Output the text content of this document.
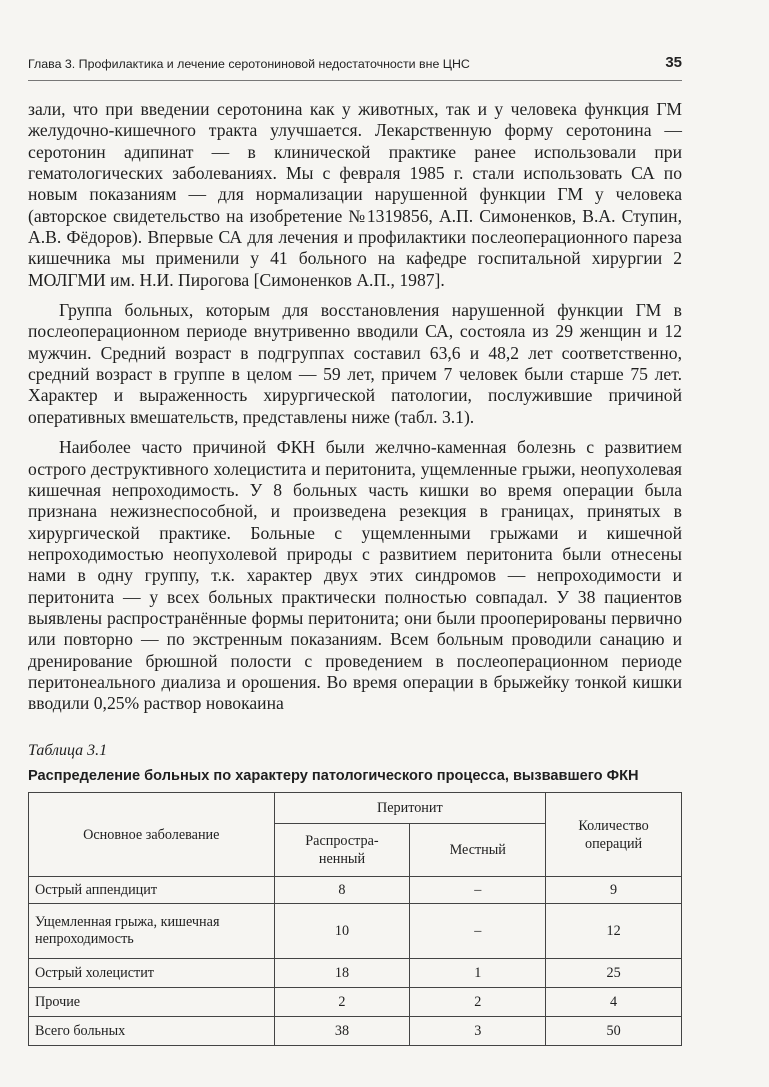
Глава 3. Профилактика и лечение серотониновой недостаточности вне ЦНС	35

зали, что при введении серотонина как у животных, так и у человека функция ГМ желудочно-кишечного тракта улучшается. Лекарственную форму серотонина — серотонин адипинат — в клинической практике ранее использовали при гематологических заболеваниях. Мы с февраля 1985 г. стали использовать СА по новым показаниям — для нормализации нарушенной функции ГМ у человека (авторское свидетельство на изобретение №1319856, А.П. Симоненков, В.А. Ступин, А.В. Фёдоров). Впервые СА для лечения и профилактики послеоперационного пареза кишечника мы применили у 41 больного на кафедре госпитальной хирургии 2 МОЛГМИ им. Н.И. Пирогова [Симоненков А.П., 1987].

Группа больных, которым для восстановления нарушенной функции ГМ в послеоперационном периоде внутривенно вводили СА, состояла из 29 женщин и 12 мужчин. Средний возраст в подгруппах составил 63,6 и 48,2 лет соответственно, средний возраст в группе в целом — 59 лет, причем 7 человек были старше 75 лет. Характер и выраженность хирургической патологии, послужившие причиной оперативных вмешательств, представлены ниже (табл. 3.1).

Наиболее часто причиной ФКН были желчно-каменная болезнь с развитием острого деструктивного холецистита и перитонита, ущемленные грыжи, неопухолевая кишечная непроходимость. У 8 больных часть кишки во время операции была признана нежизнеспособной, и произведена резекция в границах, принятых в хирургической практике. Больные с ущемленными грыжами и кишечной непроходимостью неопухолевой природы с развитием перитонита были отнесены нами в одну группу, т.к. характер двух этих синдромов — непроходимости и перитонита — у всех больных практически полностью совпадал. У 38 пациентов выявлены распространённые формы перитонита; они были прооперированы первично или повторно — по экстренным показаниям. Всем больным проводили санацию и дренирование брюшной полости с проведением в послеоперационном периоде перитонеального диализа и орошения. Во время операции в брыжейку тонкой кишки вводили 0,25% раствор новокаина

Таблица 3.1
Распределение больных по характеру патологического процесса, вызвавшего ФКН
Основное заболевание	Перитонит		Количество
операций
	Распростра-
ненный	Местный	
Острый аппендицит	8	–	9
Ущемленная грыжа, кишечная непроходимость	10	–	12
Острый холецистит	18	1	25
Прочие	2	2	4
Всего больных	38	3	50
